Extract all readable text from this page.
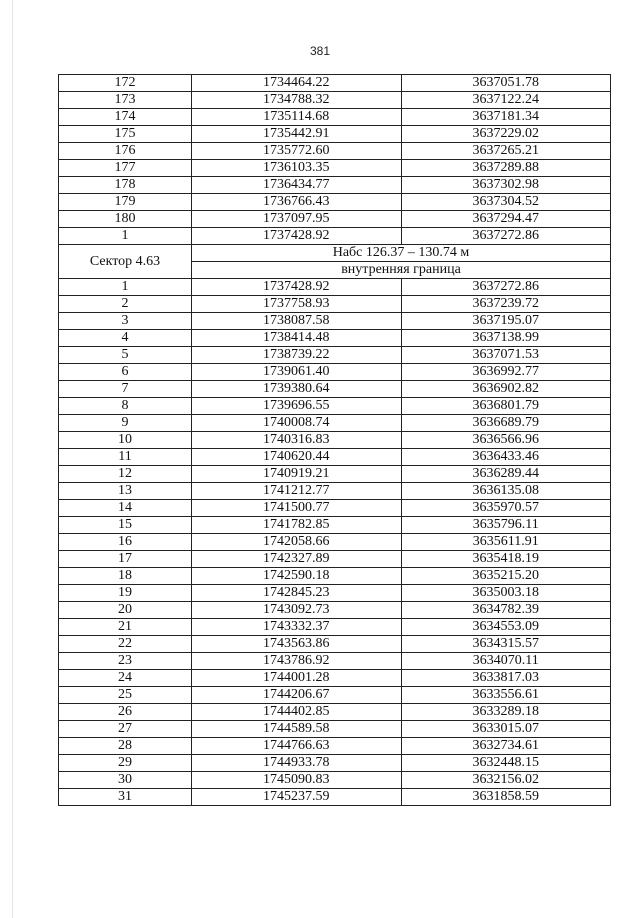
381
172	1734464.22	3637051.78
173	1734788.32	3637122.24
174	1735114.68	3637181.34
175	1735442.91	3637229.02
176	1735772.60	3637265.21
177	1736103.35	3637289.88
178	1736434.77	3637302.98
179	1736766.43	3637304.52
180	1737097.95	3637294.47
1	1737428.92	3637272.86
Сектор 4.63	Набс 126.37 – 130.74 м	
	внутренняя граница	
1	1737428.92	3637272.86
2	1737758.93	3637239.72
3	1738087.58	3637195.07
4	1738414.48	3637138.99
5	1738739.22	3637071.53
6	1739061.40	3636992.77
7	1739380.64	3636902.82
8	1739696.55	3636801.79
9	1740008.74	3636689.79
10	1740316.83	3636566.96
11	1740620.44	3636433.46
12	1740919.21	3636289.44
13	1741212.77	3636135.08
14	1741500.77	3635970.57
15	1741782.85	3635796.11
16	1742058.66	3635611.91
17	1742327.89	3635418.19
18	1742590.18	3635215.20
19	1742845.23	3635003.18
20	1743092.73	3634782.39
21	1743332.37	3634553.09
22	1743563.86	3634315.57
23	1743786.92	3634070.11
24	1744001.28	3633817.03
25	1744206.67	3633556.61
26	1744402.85	3633289.18
27	1744589.58	3633015.07
28	1744766.63	3632734.61
29	1744933.78	3632448.15
30	1745090.83	3632156.02
31	1745237.59	3631858.59
